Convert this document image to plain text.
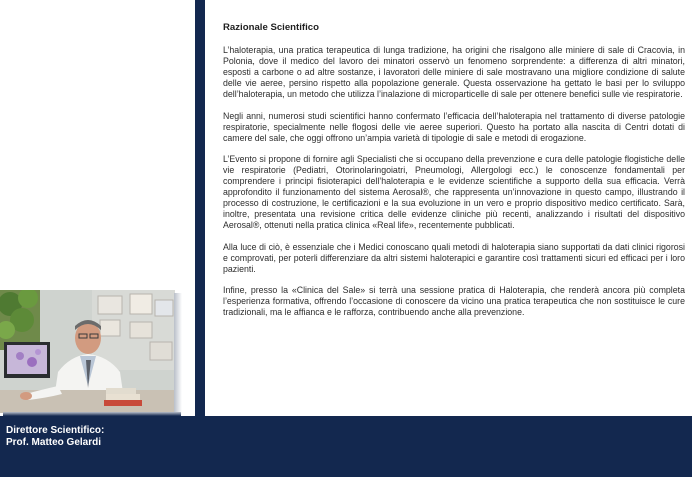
Direttore Scientifico:
Prof. Matteo Gelardi
Razionale Scientifico

L’haloterapia, una pratica terapeutica di lunga tradizione, ha origini che risalgono alle miniere di sale di Cracovia, in Polonia, dove il medico del lavoro dei minatori osservò un fenomeno sorprendente: a differenza di altri minatori, esposti a carbone o ad altre sostanze, i lavoratori delle miniere di sale mostravano una migliore condizione di salute delle vie aeree, persino rispetto alla popolazione generale. Questa osservazione ha gettato le basi per lo sviluppo dell’haloterapia, un metodo che utilizza l’inalazione di microparticelle di sale per ottenere benefici sulle vie respiratorie.

Negli anni, numerosi studi scientifici hanno confermato l’efficacia dell’haloterapia nel trattamento di diverse patologie respiratorie, specialmente nelle flogosi delle vie aeree superiori. Questo ha portato alla nascita di Centri dotati di camere del sale, che oggi offrono un’ampia varietà di tipologie di sale e metodi di erogazione.

L’Evento si propone di fornire agli Specialisti che si occupano della prevenzione e cura delle patologie flogistiche delle vie respiratorie (Pediatri, Otorinolaringoiatri, Pneumologi, Allergologi ecc.) le conoscenze fondamentali per comprendere i principi fisioterapici dell’haloterapia e le evidenze scientifiche a supporto della sua efficacia. Verrà approfondito il funzionamento del sistema Aerosal®, che rappresenta un’innovazione in questo campo, illustrando il processo di costruzione, le certificazioni e la sua evoluzione in un vero e proprio dispositivo medico certificato. Sarà, inoltre, presentata una revisione critica delle evidenze cliniche più recenti, analizzando i risultati del dispositivo Aerosal®, ottenuti nella pratica clinica «Real life», recentemente pubblicati.

Alla luce di ciò, è essenziale che i Medici conoscano quali metodi di haloterapia siano supportati da dati clinici rigorosi e comprovati, per poterli differenziare da altri sistemi haloterapici e garantire così trattamenti sicuri ed efficaci per i loro pazienti.

Infine, presso la «Clinica del Sale» si terrà una sessione pratica di Haloterapia, che renderà ancora più completa l’esperienza formativa, offrendo l’occasione di conoscere da vicino una pratica terapeutica che non sostituisce le cure tradizionali, ma le affianca e le rafforza, contribuendo anche alla prevenzione.
